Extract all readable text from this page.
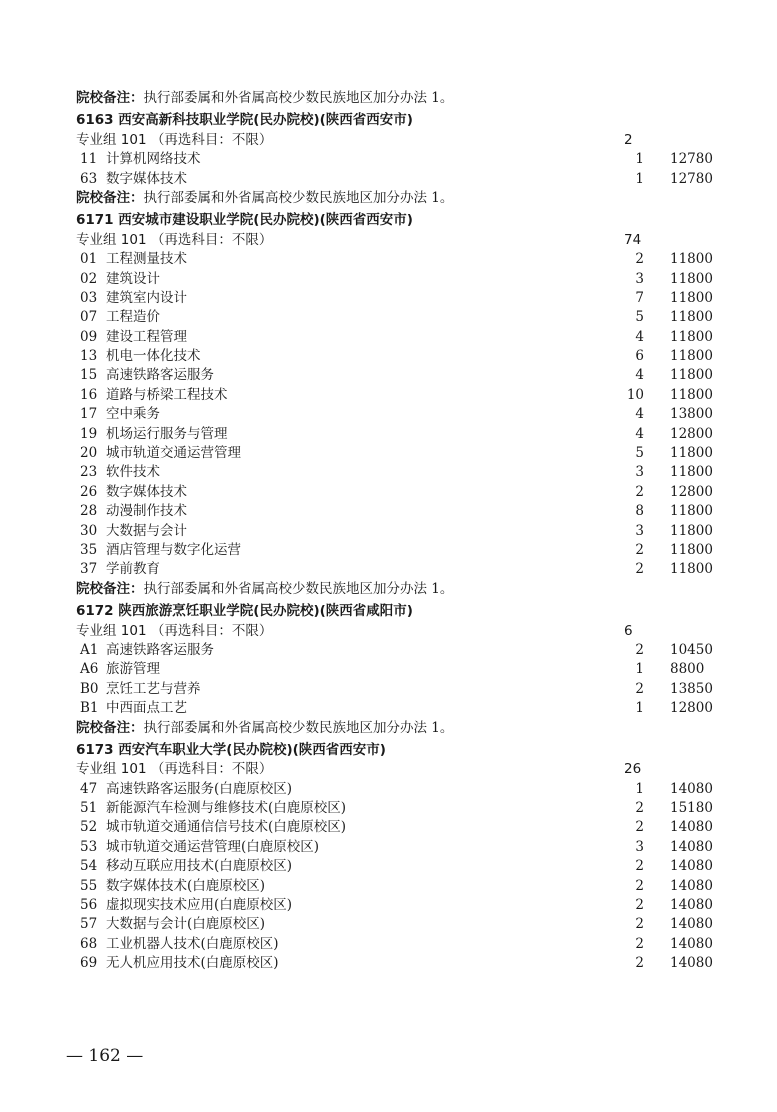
院校备注：执行部委属和外省属高校少数民族地区加分办法 1。
6163 西安高新科技职业学院(民办院校)(陕西省西安市)
专业组 101 （再选科目：不限）	2
11 计算机网络技术	1 12780
63 数字媒体技术	1 12780
院校备注：执行部委属和外省属高校少数民族地区加分办法 1。
6171 西安城市建设职业学院(民办院校)(陕西省西安市)
专业组 101 （再选科目：不限）	74
01 工程测量技术	2 11800
02 建筑设计	3 11800
03 建筑室内设计	7 11800
07 工程造价	5 11800
09 建设工程管理	4 11800
13 机电一体化技术	6 11800
15 高速铁路客运服务	4 11800
16 道路与桥梁工程技术	10 11800
17 空中乘务	4 13800
19 机场运行服务与管理	4 12800
20 城市轨道交通运营管理	5 11800
23 软件技术	3 11800
26 数字媒体技术	2 12800
28 动漫制作技术	8 11800
30 大数据与会计	3 11800
35 酒店管理与数字化运营	2 11800
37 学前教育	2 11800
院校备注：执行部委属和外省属高校少数民族地区加分办法 1。
6172 陕西旅游烹饪职业学院(民办院校)(陕西省咸阳市)
专业组 101 （再选科目：不限）	6
A1 高速铁路客运服务	2 10450
A6 旅游管理	1 8800
B0 烹饪工艺与营养	2 13850
B1 中西面点工艺	1 12800
院校备注：执行部委属和外省属高校少数民族地区加分办法 1。
6173 西安汽车职业大学(民办院校)(陕西省西安市)
专业组 101 （再选科目：不限）	26
47 高速铁路客运服务(白鹿原校区)	1 14080
51 新能源汽车检测与维修技术(白鹿原校区)	2 15180
52 城市轨道交通通信信号技术(白鹿原校区)	2 14080
53 城市轨道交通运营管理(白鹿原校区)	3 14080
54 移动互联应用技术(白鹿原校区)	2 14080
55 数字媒体技术(白鹿原校区)	2 14080
56 虚拟现实技术应用(白鹿原校区)	2 14080
57 大数据与会计(白鹿原校区)	2 14080
68 工业机器人技术(白鹿原校区)	2 14080
69 无人机应用技术(白鹿原校区)	2 14080
— 162 —
